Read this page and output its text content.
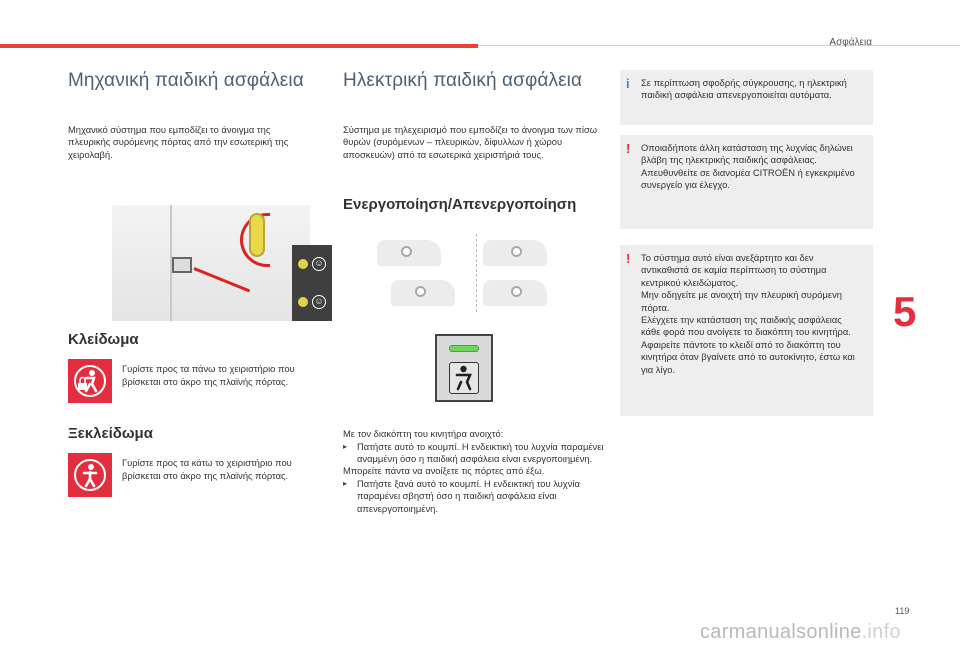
Ασφάλεια
Μηχανική παιδική ασφάλεια

Μηχανικό σύστημα που εμποδίζει το άνοιγμα της πλευρικής συρόμενης πόρτας από την εσωτερική της χειρολαβή.

☺
☺
Κλείδωμα

Γυρίστε προς τα πάνω το χειριστήριο που βρίσκεται στο άκρο της πλαϊνής πόρτας.

Ξεκλείδωμα

Γυρίστε προς τα κάτω το χειριστήριο που βρίσκεται στο άκρο της πλαϊνής πόρτας.

Ηλεκτρική παιδική ασφάλεια

Σύστημα με τηλεχειρισμό που εμποδίζει το άνοιγμα των πίσω θυρών (συρόμενων – πλευρικών, δίφυλλων ή χώρου αποσκευών) από τα εσωτερικά χειριστήριά τους.

Ενεργοποίηση/Απενεργοποίηση

Με τον διακόπτη του κινητήρα ανοιχτό:

▸	Πατήστε αυτό το κουμπί. Η ενδεικτική του λυχνία παραμένει αναμμένη όσο η παιδική ασφάλεια είναι ενεργοποιημένη.

Μπορείτε πάντα να ανοίξετε τις πόρτες από έξω.

▸	Πατήστε ξανά αυτό το κουμπί. Η ενδεικτική του λυχνία παραμένει σβηστή όσο η παιδική ασφάλεια είναι απενεργοποιημένη.

i Σε περίπτωση σφοδρής σύγκρουσης, η ηλεκτρική παιδική ασφάλεια απενεργοποιείται αυτόματα.

! Οποιαδήποτε άλλη κατάσταση της λυχνίας δηλώνει βλάβη της ηλεκτρικής παιδικής ασφάλειας.
Απευθυνθείτε σε διανομέα CITROËN ή εγκεκριμένο συνεργείο για έλεγχο.

! Το σύστημα αυτό είναι ανεξάρτητο και δεν αντικαθιστά σε καμία περίπτωση το σύστημα κεντρικού κλειδώματος.
Μην οδηγείτε με ανοιχτή την πλευρική συρόμενη πόρτα.
Ελέγχετε την κατάσταση της παιδικής ασφάλειας κάθε φορά που ανοίγετε το διακόπτη του κινητήρα.
Αφαιρείτε πάντοτε το κλειδί από το διακόπτη του κινητήρα όταν βγαίνετε από το αυτοκίνητο, έστω και για λίγο.

5
119
carmanualsonline.info
